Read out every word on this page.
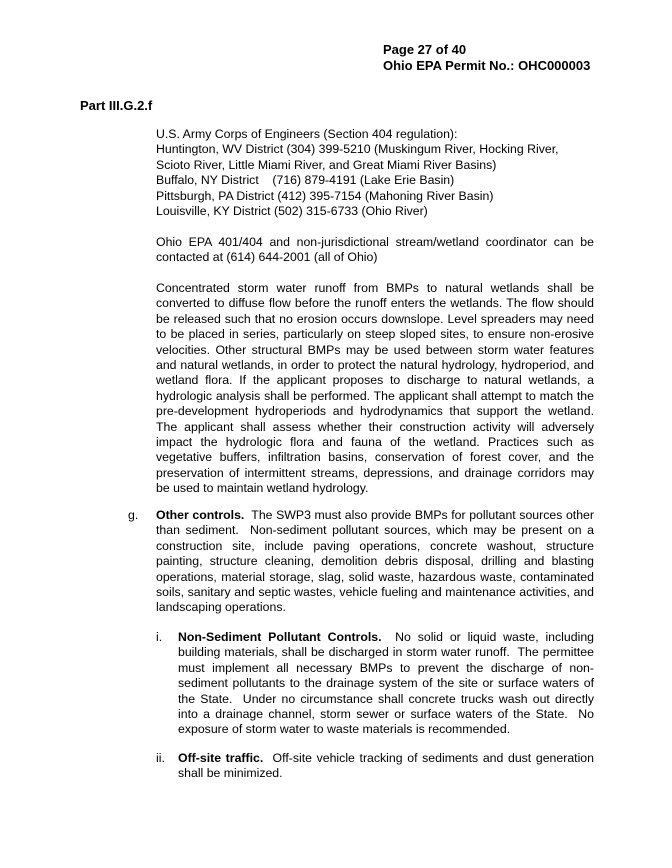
Page 27 of 40
Ohio EPA Permit No.: OHC000003
Part III.G.2.f
U.S. Army Corps of Engineers (Section 404 regulation):
Huntington, WV District (304) 399-5210 (Muskingum River, Hocking River,
Scioto River, Little Miami River, and Great Miami River Basins)
Buffalo, NY District    (716) 879-4191 (Lake Erie Basin)
Pittsburgh, PA District (412) 395-7154 (Mahoning River Basin)
Louisville, KY District (502) 315-6733 (Ohio River)
Ohio EPA 401/404 and non-jurisdictional stream/wetland coordinator can be contacted at (614) 644-2001 (all of Ohio)
Concentrated storm water runoff from BMPs to natural wetlands shall be converted to diffuse flow before the runoff enters the wetlands. The flow should be released such that no erosion occurs downslope. Level spreaders may need to be placed in series, particularly on steep sloped sites, to ensure non-erosive velocities. Other structural BMPs may be used between storm water features and natural wetlands, in order to protect the natural hydrology, hydroperiod, and wetland flora. If the applicant proposes to discharge to natural wetlands, a hydrologic analysis shall be performed. The applicant shall attempt to match the pre-development hydroperiods and hydrodynamics that support the wetland. The applicant shall assess whether their construction activity will adversely impact the hydrologic flora and fauna of the wetland. Practices such as vegetative buffers, infiltration basins, conservation of forest cover, and the preservation of intermittent streams, depressions, and drainage corridors may be used to maintain wetland hydrology.
g. Other controls.  The SWP3 must also provide BMPs for pollutant sources other than sediment.  Non-sediment pollutant sources, which may be present on a construction site, include paving operations, concrete washout, structure painting, structure cleaning, demolition debris disposal, drilling and blasting operations, material storage, slag, solid waste, hazardous waste, contaminated soils, sanitary and septic wastes, vehicle fueling and maintenance activities, and landscaping operations.
i. Non-Sediment Pollutant Controls.  No solid or liquid waste, including building materials, shall be discharged in storm water runoff.  The permittee must implement all necessary BMPs to prevent the discharge of non-sediment pollutants to the drainage system of the site or surface waters of the State.  Under no circumstance shall concrete trucks wash out directly into a drainage channel, storm sewer or surface waters of the State.  No exposure of storm water to waste materials is recommended.
ii. Off-site traffic.  Off-site vehicle tracking of sediments and dust generation shall be minimized.
